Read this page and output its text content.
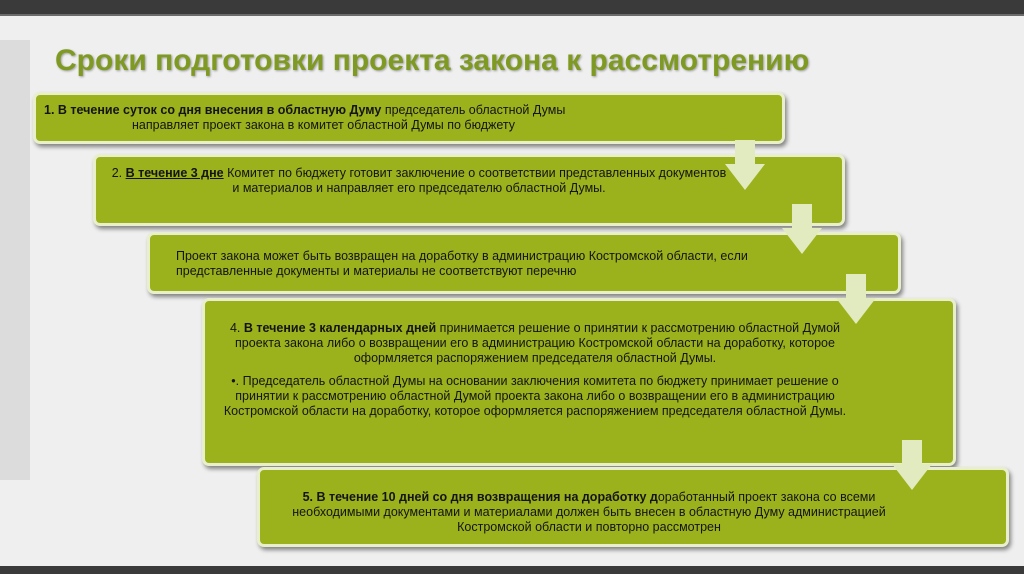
Сроки подготовки проекта закона к рассмотрению

1. В течение суток со дня внесения в областную Думу председатель областной Думы

направляет проект закона в комитет областной Думы по бюджету

2. В течение 3 дне Комитет по бюджету готовит заключение о соответствии представленных документов и материалов и направляет его председателю областной Думы.

Проект закона может быть возвращен на доработку в администрацию Костромской области, если представленные документы и материалы не соответствуют перечню

4. В течение 3 календарных дней принимается решение о принятии к рассмотрению областной Думой проекта закона либо о возвращении его в администрацию Костромской области на доработку, которое оформляется распоряжением председателя областной Думы.

•. Председатель областной Думы на основании заключения комитета по бюджету принимает решение о принятии к рассмотрению областной Думой проекта закона либо о возвращении его в администрацию Костромской области на доработку, которое оформляется распоряжением председателя областной Думы.

5. В течение 10 дней со дня возвращения на доработку доработанный проект закона со всеми необходимыми документами и материалами должен быть внесен в областную Думу администрацией Костромской области и повторно рассмотрен
